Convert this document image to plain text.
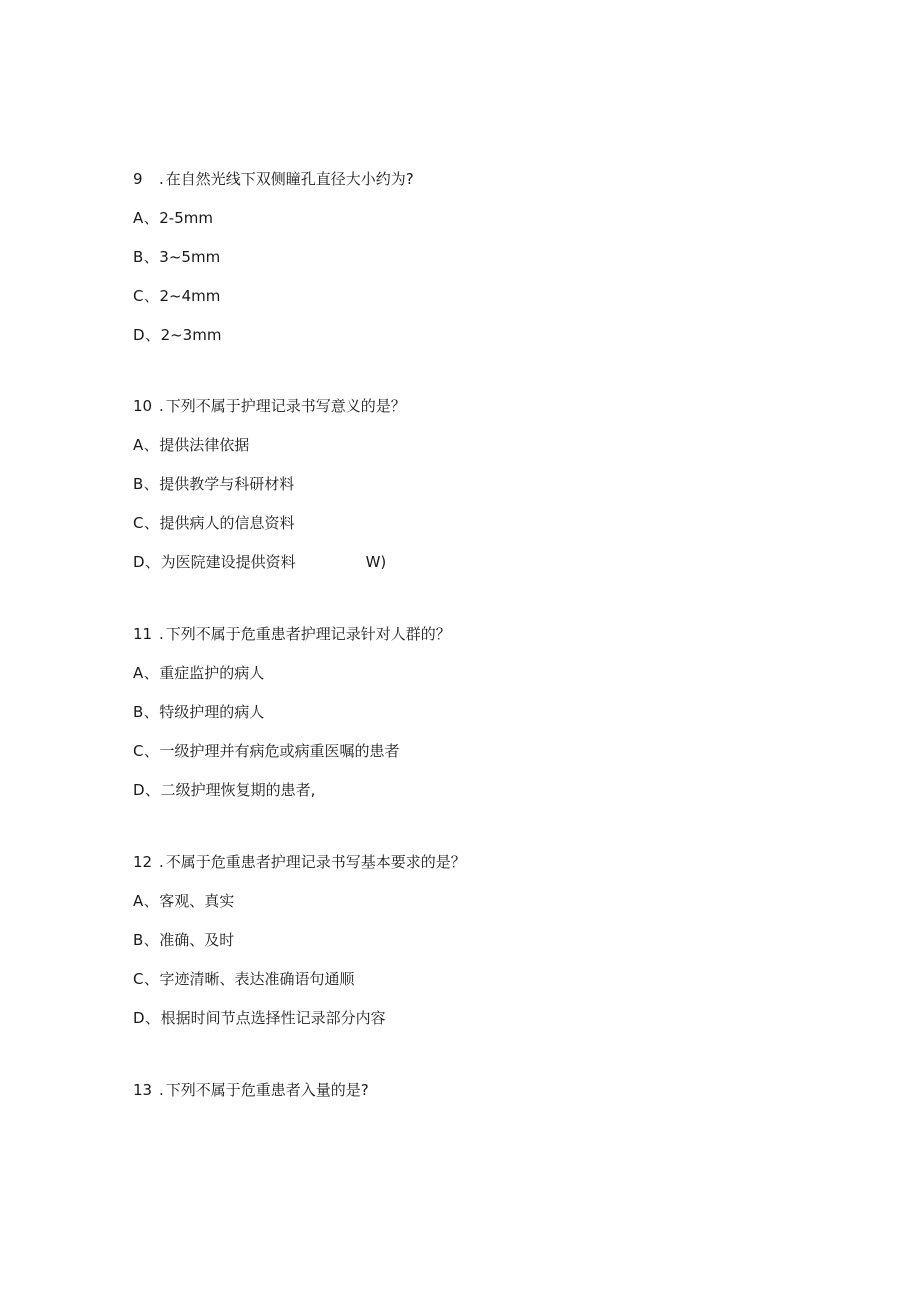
9 . 在自然光线下双侧瞳孔直径大小约为?
A、2-5mm
B、3~5mm
C、2~4mm
D、2~3mm
10 . 下列不属于护理记录书写意义的是？
A、提供法律依据
B、提供教学与科研材料
C、提供病人的信息资料
D、为医院建设提供资料	W)
11 . 下列不属于危重患者护理记录针对人群的？
A、重症监护的病人
B、特级护理的病人
C、一级护理并有病危或病重医嘱的患者
D、二级护理恢复期的患者,
12 . 不属于危重患者护理记录书写基本要求的是？
A、客观、真实
B、准确、及时
C、字迹清晰、表达准确语句通顺
D、根据时间节点选择性记录部分内容
13 . 下列不属于危重患者入量的是?
